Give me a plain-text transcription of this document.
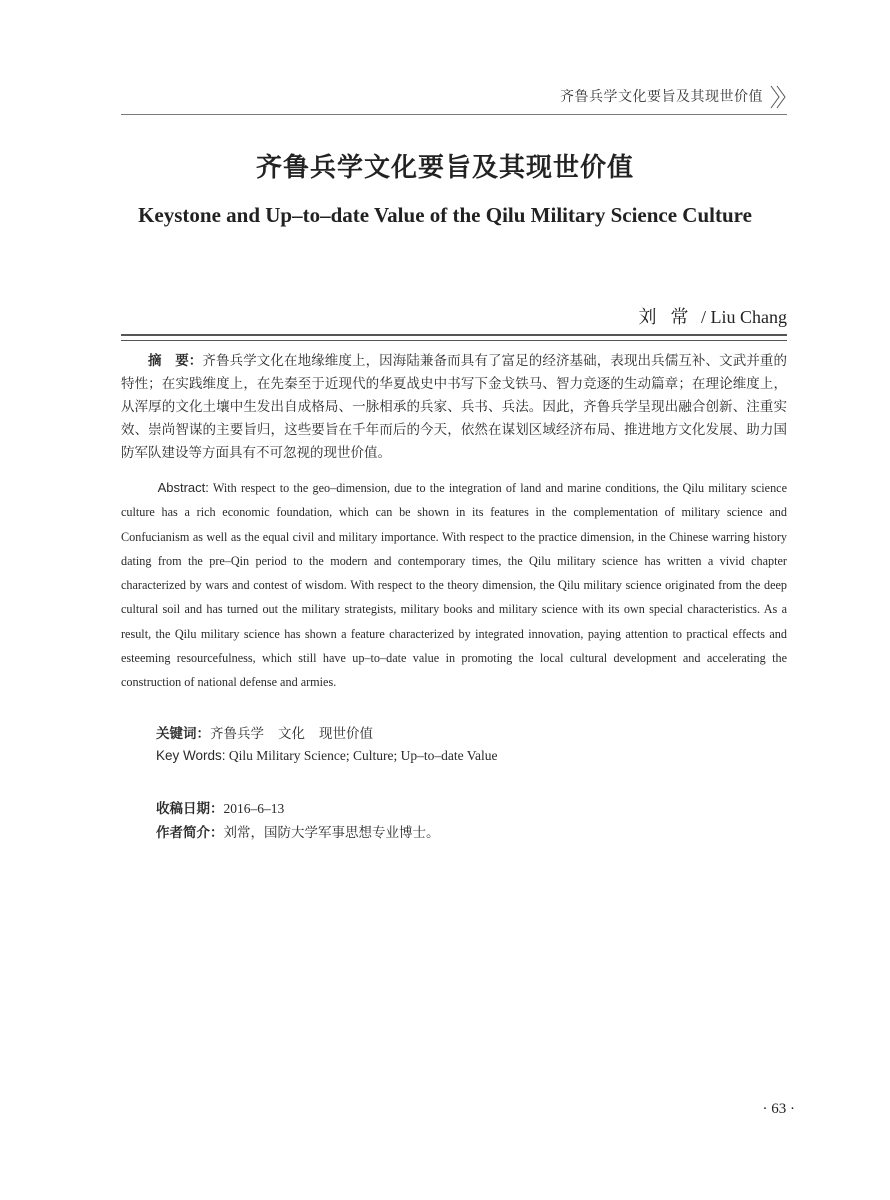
齐鲁兵学文化要旨及其现世价值
齐鲁兵学文化要旨及其现世价值
Keystone and Up–to–date Value of the Qilu Military Science Culture
刘常 / Liu Chang
摘　要：齐鲁兵学文化在地缘维度上，因海陆兼备而具有了富足的经济基础，表现出兵儒互补、文武并重的特性；在实践维度上，在先秦至于近现代的华夏战史中书写下金戈铁马、智力竞逐的生动篇章；在理论维度上，从浑厚的文化土壤中生发出自成格局、一脉相承的兵家、兵书、兵法。因此，齐鲁兵学呈现出融合创新、注重实效、崇尚智谋的主要旨归，这些要旨在千年而后的今天，依然在谋划区域经济布局、推进地方文化发展、助力国防军队建设等方面具有不可忽视的现世价值。
Abstract: With respect to the geo–dimension, due to the integration of land and marine conditions, the Qilu military science culture has a rich economic foundation, which can be shown in its features in the complementation of military science and Confucianism as well as the equal civil and military importance. With respect to the practice dimension, in the Chinese warring history dating from the pre–Qin period to the modern and contemporary times, the Qilu military science has written a vivid chapter characterized by wars and contest of wisdom. With respect to the theory dimension, the Qilu military science originated from the deep cultural soil and has turned out the military strategists, military books and military science with its own special characteristics. As a result, the Qilu military science has shown a feature characterized by integrated innovation, paying attention to practical effects and esteeming resourcefulness, which still have up–to–date value in promoting the local cultural development and accelerating the construction of national defense and armies.
关键词：齐鲁兵学 文化 现世价值
Key Words: Qilu Military Science; Culture; Up–to–date Value
收稿日期：2016–6–13
作者简介：刘常，国防大学军事思想专业博士。
· 63 ·
